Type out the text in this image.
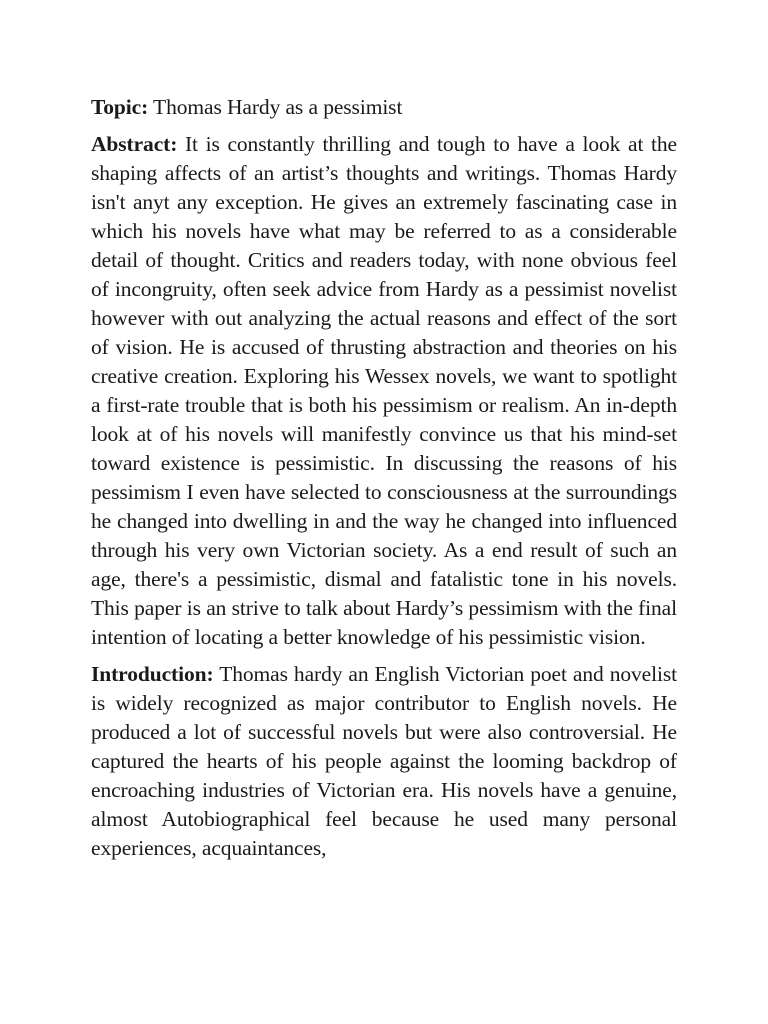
Topic: Thomas Hardy as a pessimist

Abstract: It is constantly thrilling and tough to have a look at the shaping affects of an artist’s thoughts and writings. Thomas Hardy isn't anyt any exception. He gives an extremely fascinating case in which his novels have what may be referred to as a considerable detail of thought. Critics and readers today, with none obvious feel of incongruity, often seek advice from Hardy as a pessimist novelist however with out analyzing the actual reasons and effect of the sort of vision. He is accused of thrusting abstraction and theories on his creative creation. Exploring his Wessex novels, we want to spotlight a first-rate trouble that is both his pessimism or realism. An in-depth look at of his novels will manifestly convince us that his mind-set toward existence is pessimistic. In discussing the reasons of his pessimism I even have selected to consciousness at the surroundings he changed into dwelling in and the way he changed into influenced through his very own Victorian society. As a end result of such an age, there's a pessimistic, dismal and fatalistic tone in his novels. This paper is an strive to talk about Hardy’s pessimism with the final intention of locating a better knowledge of his pessimistic vision.

Introduction: Thomas hardy an English Victorian poet and novelist is widely recognized as major contributor to English novels. He produced a lot of successful novels but were also controversial. He captured the hearts of his people against the looming backdrop of encroaching industries of Victorian era. His novels have a genuine, almost Autobiographical feel because he used many personal experiences, acquaintances,
